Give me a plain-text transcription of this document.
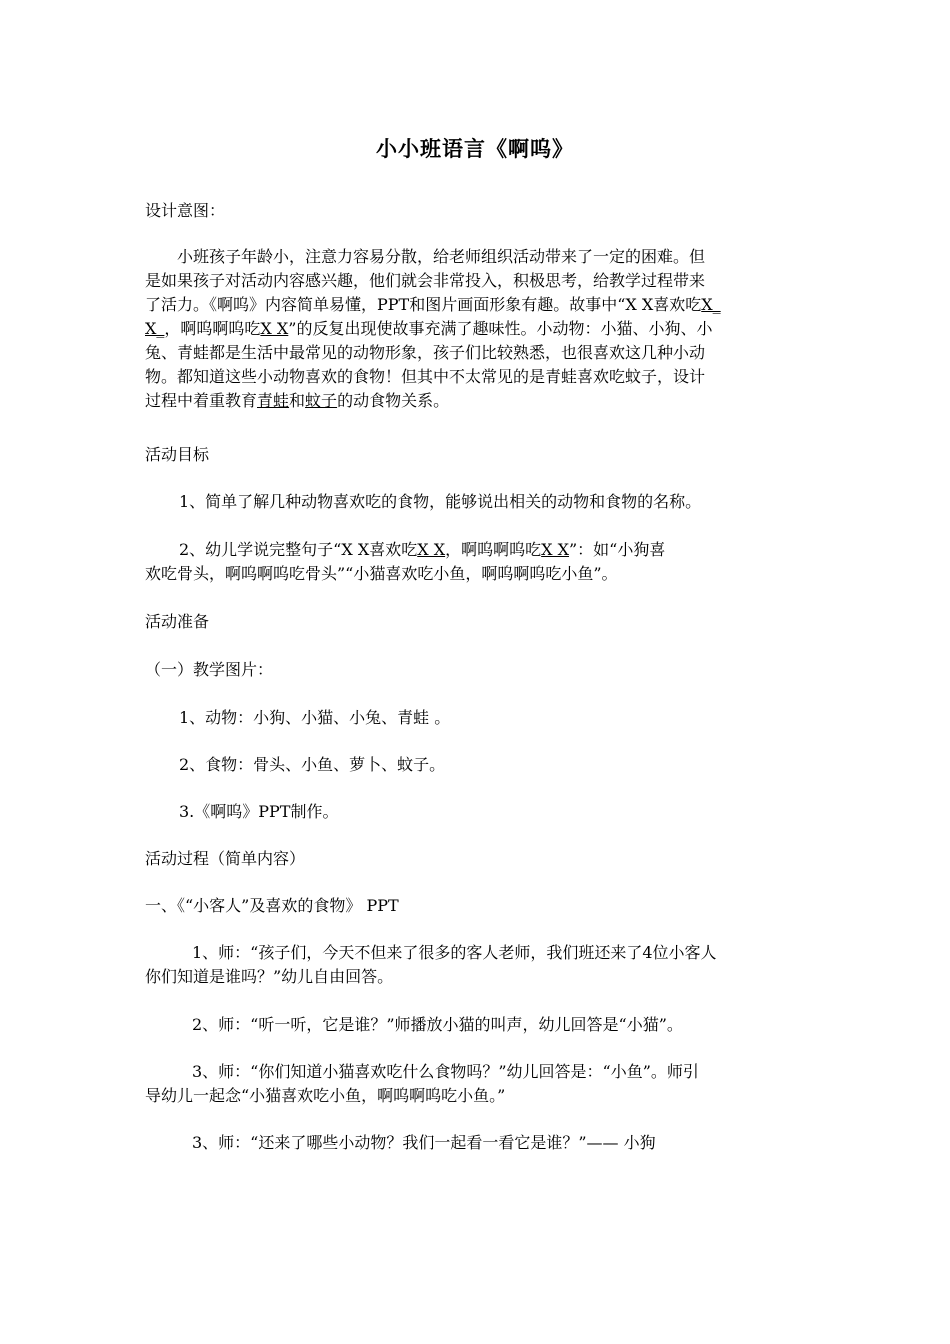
小小班语言《啊呜》

设计意图：

　　小班孩子年龄小，注意力容易分散，给老师组织活动带来了一定的困难。但

是如果孩子对活动内容感兴趣，他们就会非常投入，积极思考，给教学过程带来

了活力。《啊呜》内容简单易懂，PPT和图片画面形象有趣。故事中“X X喜欢吃X_

X_，啊呜啊呜吃X X”的反复出现使故事充满了趣味性。小动物：小猫、小狗、小

兔、青蛙都是生活中最常见的动物形象，孩子们比较熟悉，也很喜欢这几种小动

物。都知道这些小动物喜欢的食物！但其中不太常见的是青蛙喜欢吃蚊子，设计

过程中着重教育青蛙和蚊子的动食物关系。

活动目标

1、简单了解几种动物喜欢吃的食物，能够说出相关的动物和食物的名称。

2、幼儿学说完整句子“X X喜欢吃X X，啊呜啊呜吃X X”：如“小狗喜

欢吃骨头，啊呜啊呜吃骨头”“小猫喜欢吃小鱼，啊呜啊呜吃小鱼”。

活动准备

（一）教学图片：

1、动物：小狗、小猫、小兔、青蛙 。

2、食物：骨头、小鱼、萝卜、蚊子。

3.《啊呜》PPT制作。

活动过程（简单内容）

一、《“小客人”及喜欢的食物》 PPT

1、师：“孩子们，今天不但来了很多的客人老师，我们班还来了4位小客人

你们知道是谁吗？”幼儿自由回答。

2、师：“听一听，它是谁？”师播放小猫的叫声，幼儿回答是“小猫”。

3、师：“你们知道小猫喜欢吃什么食物吗？”幼儿回答是：“小鱼”。师引

导幼儿一起念“小猫喜欢吃小鱼，啊呜啊呜吃小鱼。”

3、师：“还来了哪些小动物？我们一起看一看它是谁？”—— 小狗
